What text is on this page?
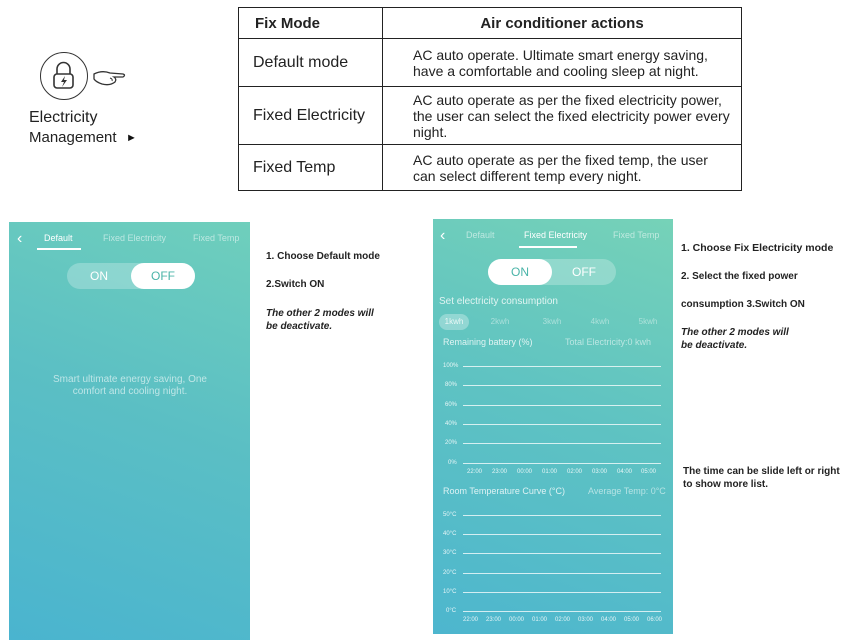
Electricity
Management ►
Fix Mode	Air conditioner actions
Default mode	AC auto operate. Ultimate smart energy saving, have a comfortable and cooling sleep at night.
Fixed Electricity	AC auto operate as per the fixed electricity power, the user can select the fixed electricity power every night.
Fixed Temp	AC auto operate as per the fixed temp, the user can select different temp every night.
‹ Default	Fixed Electricity	Fixed Temp
ON	OFF
Smart ultimate energy saving, One comfort and cooling night.
1. Choose Default mode
2.Switch ON
The other 2 modes will be deactivate.
‹ Default	Fixed Electricity	Fixed Temp
ON	OFF
Set electricity consumption
1kwh	2kwh	3kwh	4kwh	5kwh
Remaining battery (%)	Total Electricity:0 kwh
100%
80%
60%
40%
20%
0%
22:00 23:00 00:00 01:00 02:00 03:00 04:00 05:00
Room Temperature Curve (°C)	Average Temp: 0°C
50°C
40°C
30°C
20°C
10°C
0°C
22:00 23:00 00:00 01:00 02:00 03:00 04:00 05:00 06:00
1. Choose Fix Electricity mode
2. Select the fixed power
consumption 3.Switch ON
The other 2 modes will be deactivate.
The time can be slide left or right to show more list.
